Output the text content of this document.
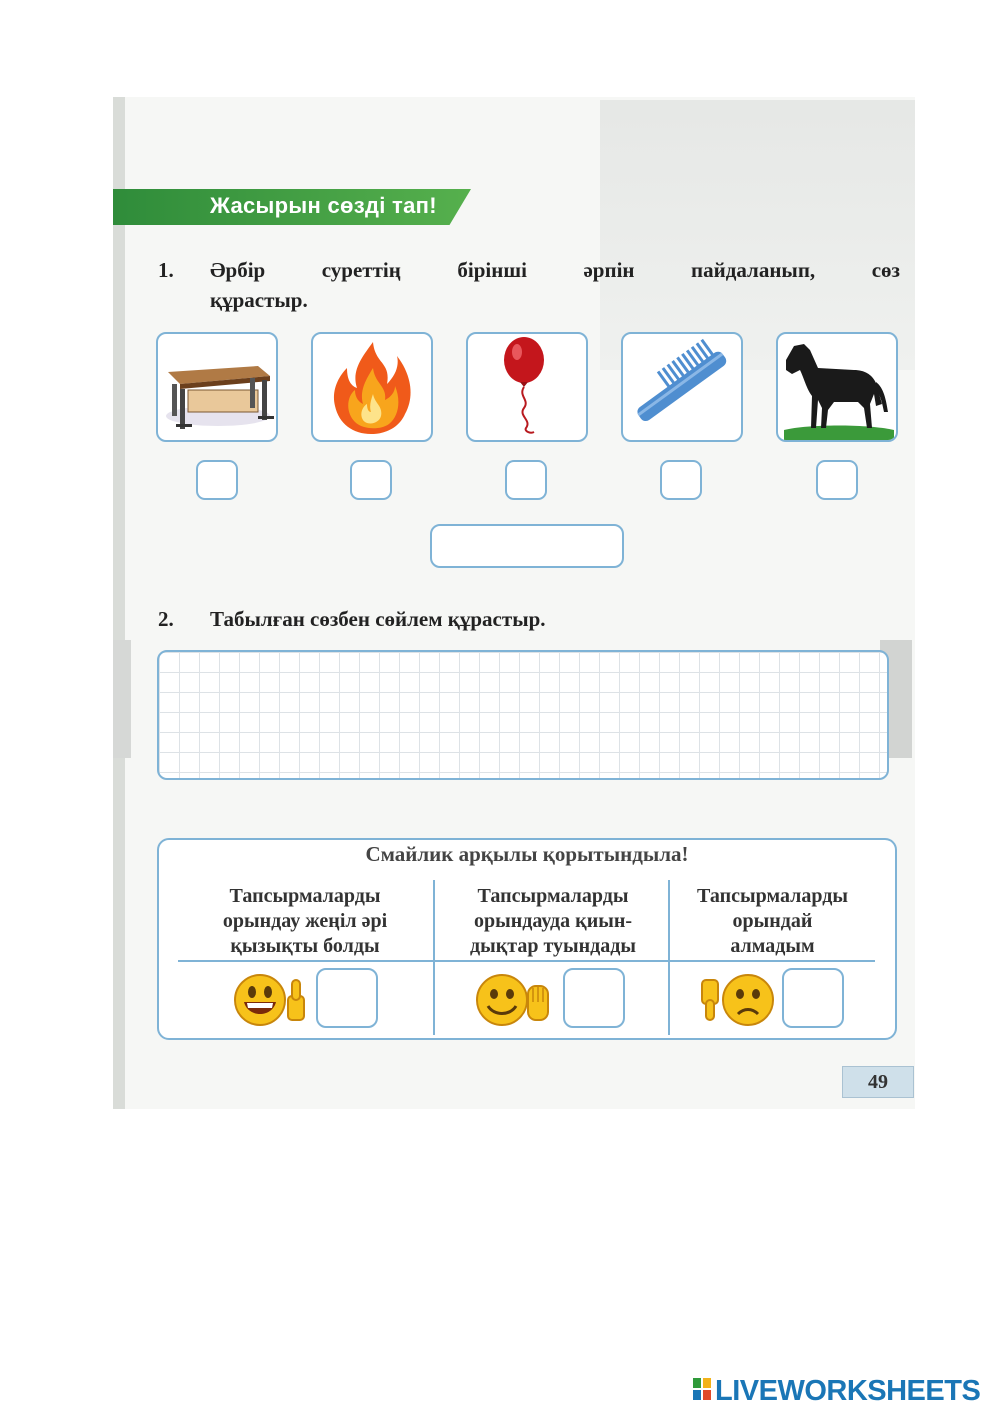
Жасырын сөзді тап!
1. Әрбір суреттің бірінші әрпін пайдаланып, сөз
құрастыр.
2. Табылған сөзбен сөйлем құрастыр.
Смайлик арқылы қорытындыла!
Тапсырмаларды
орындау жеңіл әрі
қызықты болды
Тапсырмаларды
орындауда қиын-
дықтар туындады
Тапсырмаларды
орындай
алмадым
49
LIVEWORKSHEETS
